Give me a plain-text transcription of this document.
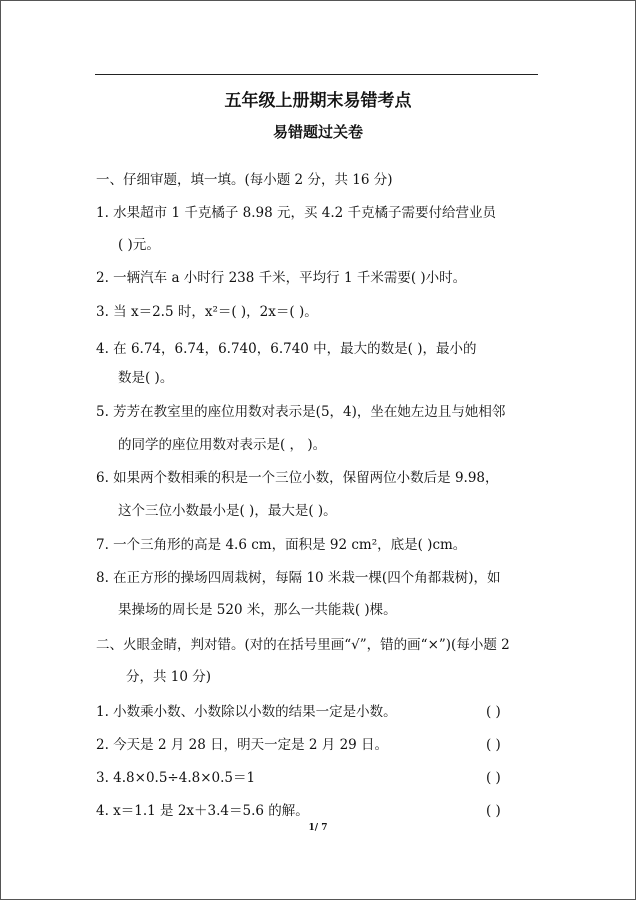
五年级上册期末易错考点
易错题过关卷
一、仔细审题，填一填。(每小题 2 分，共 16 分)
1. 水果超市 1 千克橘子 8.98 元，买 4.2 千克橘子需要付给营业员
( )元。
2. 一辆汽车 a 小时行 238 千米，平均行 1 千米需要( )小时。
3. 当 x＝2.5 时，x²＝( )，2x＝( )。
4. 在 6.74，6.7̇4̇，6.74̇0̇，6.7̇40̇ 中，最大的数是( )，最小的
数是( )。
5. 芳芳在教室里的座位用数对表示是(5，4)，坐在她左边且与她相邻
的同学的座位用数对表示是( ， )。
6. 如果两个数相乘的积是一个三位小数，保留两位小数后是 9.98，
这个三位小数最小是( )，最大是( )。
7. 一个三角形的高是 4.6 cm，面积是 92 cm²，底是( )cm。
8. 在正方形的操场四周栽树，每隔 10 米栽一棵(四个角都栽树)，如
果操场的周长是 520 米，那么一共能栽( )棵。
二、火眼金睛，判对错。(对的在括号里画“√”，错的画“×”)(每小题 2
分，共 10 分)
1. 小数乘小数、小数除以小数的结果一定是小数。	( )
2. 今天是 2 月 28 日，明天一定是 2 月 29 日。	( )
3. 4.8×0.5÷4.8×0.5＝1	( )
4. x＝1.1 是 2x＋3.4＝5.6 的解。	( )
1/ 7
